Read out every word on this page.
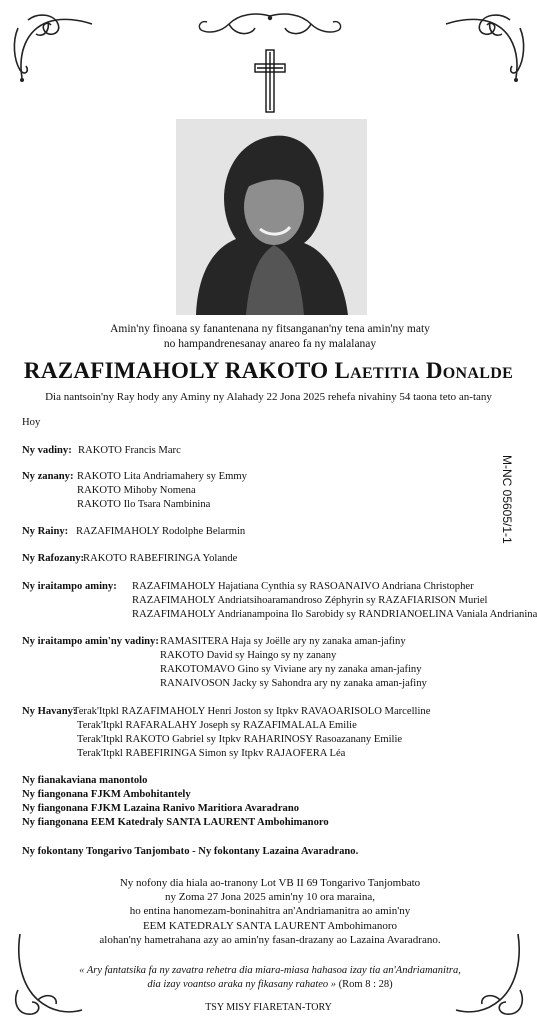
Amin'ny finoana sy fanantenana ny fitsanganan'ny tena amin'ny maty
no hampandrenesanay anareo fa ny malalanay
RAZAFIMAHOLY RAKOTO Laetitia Donalde
Dia nantsoin'ny Ray hody any Aminy ny Alahady 22 Jona 2025 rehefa nivahiny 54 taona teto an-tany
Hoy
Ny vadiny: RAKOTO Francis Marc
Ny zanany: RAKOTO Lita Andriamahery sy Emmy
RAKOTO Mihoby Nomena
RAKOTO Ilo Tsara Nambinina
Ny Rainy: RAZAFIMAHOLY Rodolphe Belarmin
Ny Rafozany:
RAKOTO RABEFIRINGA Yolande
Ny iraitampo aminy: RAZAFIMAHOLY Hajatiana Cynthia sy RASOANAIVO Andriana Christopher
RAZAFIMAHOLY Andriatsihoaramandroso Zéphyrin sy RAZAFIARISON Muriel
RAZAFIMAHOLY Andrianampoina Ilo Sarobidy sy RANDRIANOELINA Vaniala Andrianina
Ny iraitampo amin'ny vadiny: RAMASITERA Haja sy Joëlle ary ny zanaka aman-jafiny
RAKOTO David sy Haingo sy ny zanany
RAKOTOMAVO Gino sy Viviane ary ny zanaka aman-jafiny
RANAIVOSON Jacky sy Sahondra ary ny zanaka aman-jafiny
Ny Havany:
Terak'Itpkl RAZAFIMAHOLY Henri Joston sy Itpkv RAVAOARISOLO Marcelline
Terak'Itpkl RAFARALAHY Joseph sy RAZAFIMALALA Emilie
Terak'Itpkl RAKOTO Gabriel sy Itpkv RAHARINOSY Rasoazanany Emilie
Terak'Itpkl RABEFIRINGA Simon sy Itpkv RAJAOFERA Léa
Ny fianakaviana manontolo
Ny fiangonana FJKM Ambohitantely
Ny fiangonana FJKM Lazaina Ranivo Maritiora Avaradrano
Ny fiangonana EEM Katedraly SANTA LAURENT Ambohimanoro
Ny fokontany Tongarivo Tanjombato - Ny fokontany Lazaina Avaradrano.
M-NC 05605/1-1
Ny nofony dia hiala ao-tranony Lot VB II 69 Tongarivo Tanjombato
ny Zoma 27 Jona 2025 amin'ny 10 ora maraina,
ho entina hanomezam-boninahitra an'Andriamanitra ao amin'ny
EEM KATEDRALY SANTA LAURENT Ambohimanoro
alohan'ny hametrahana azy ao amin'ny fasan-drazany ao Lazaina Avaradrano.
« Ary fantatsika fa ny zavatra rehetra dia miara-miasa hahasoa izay tia an'Andriamanitra,
dia izay voantso araka ny fikasany rahateo » (Rom 8 : 28)
TSY MISY FIARETAN-TORY
